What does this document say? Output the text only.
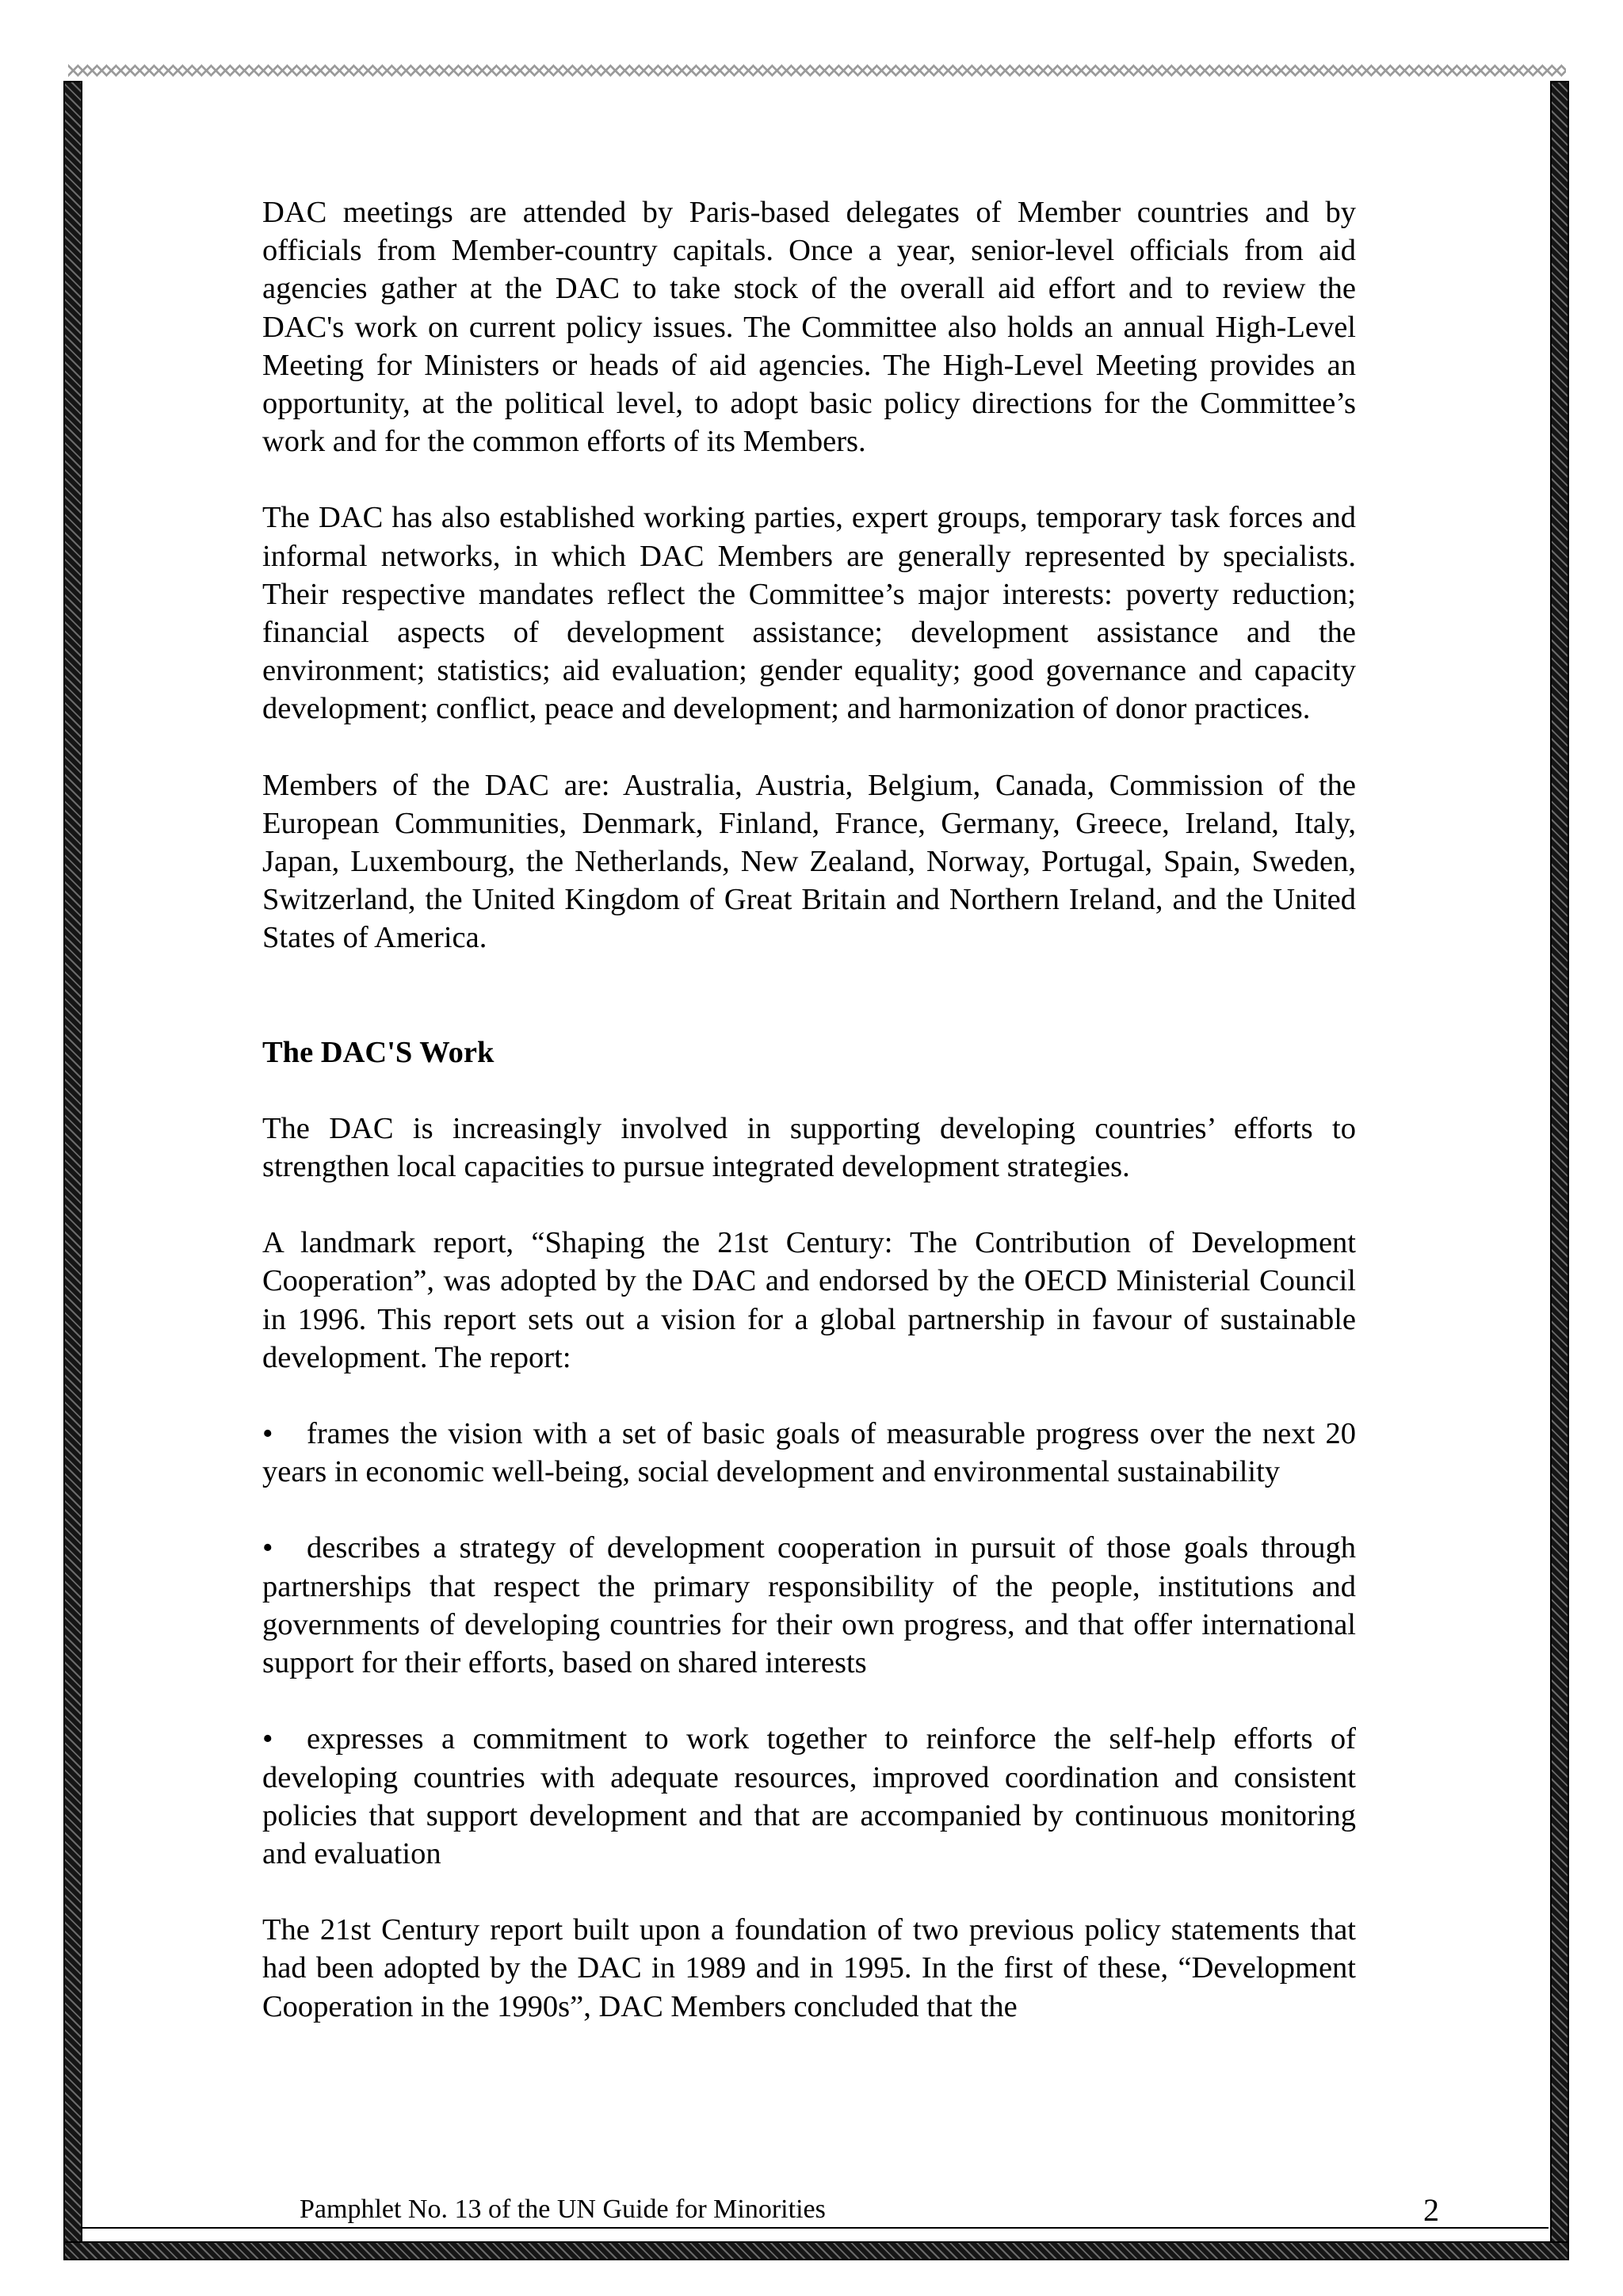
DAC meetings are attended by Paris-based delegates of Member countries and by officials from Member-country capitals. Once a year, senior-level officials from aid agencies gather at the DAC to take stock of the overall aid effort and to review the DAC's work on current policy issues. The Committee also holds an annual High-Level Meeting for Ministers or heads of aid agencies. The High-Level Meeting provides an opportunity, at the political level, to adopt basic policy directions for the Committee’s work and for the common efforts of its Members.

The DAC has also established working parties, expert groups, temporary task forces and informal networks, in which DAC Members are generally represented by specialists. Their respective mandates reflect the Committee’s major interests: poverty reduction; financial aspects of development assistance; development assistance and the environment; statistics; aid evaluation; gender equality; good governance and capacity development; conflict, peace and development; and harmonization of donor practices.

Members of the DAC are: Australia, Austria, Belgium, Canada, Commission of the European Communities, Denmark, Finland, France, Germany, Greece, Ireland, Italy, Japan, Luxembourg, the Netherlands, New Zealand, Norway, Portugal, Spain, Sweden, Switzerland, the United Kingdom of Great Britain and Northern Ireland, and the United States of America.

The DAC'S Work

The DAC is increasingly involved in supporting developing countries’ efforts to strengthen local capacities to pursue integrated development strategies.

A landmark report, “Shaping the 21st Century: The Contribution of Development Cooperation”, was adopted by the DAC and endorsed by the OECD Ministerial Council in 1996. This report sets out a vision for a global partnership in favour of sustainable development. The report:

• frames the vision with a set of basic goals of measurable progress over the next 20 years in economic well-being, social development and environmental sustainability

• describes a strategy of development cooperation in pursuit of those goals through partnerships that respect the primary responsibility of the people, institutions and governments of developing countries for their own progress, and that offer international support for their efforts, based on shared interests

• expresses a commitment to work together to reinforce the self-help efforts of developing countries with adequate resources, improved coordination and consistent policies that support development and that are accompanied by continuous monitoring and evaluation

The 21st Century report built upon a foundation of two previous policy statements that had been adopted by the DAC in 1989 and in 1995. In the first of these, “Development Cooperation in the 1990s”, DAC Members concluded that the

Pamphlet No. 13 of the UN Guide for Minorities	2
